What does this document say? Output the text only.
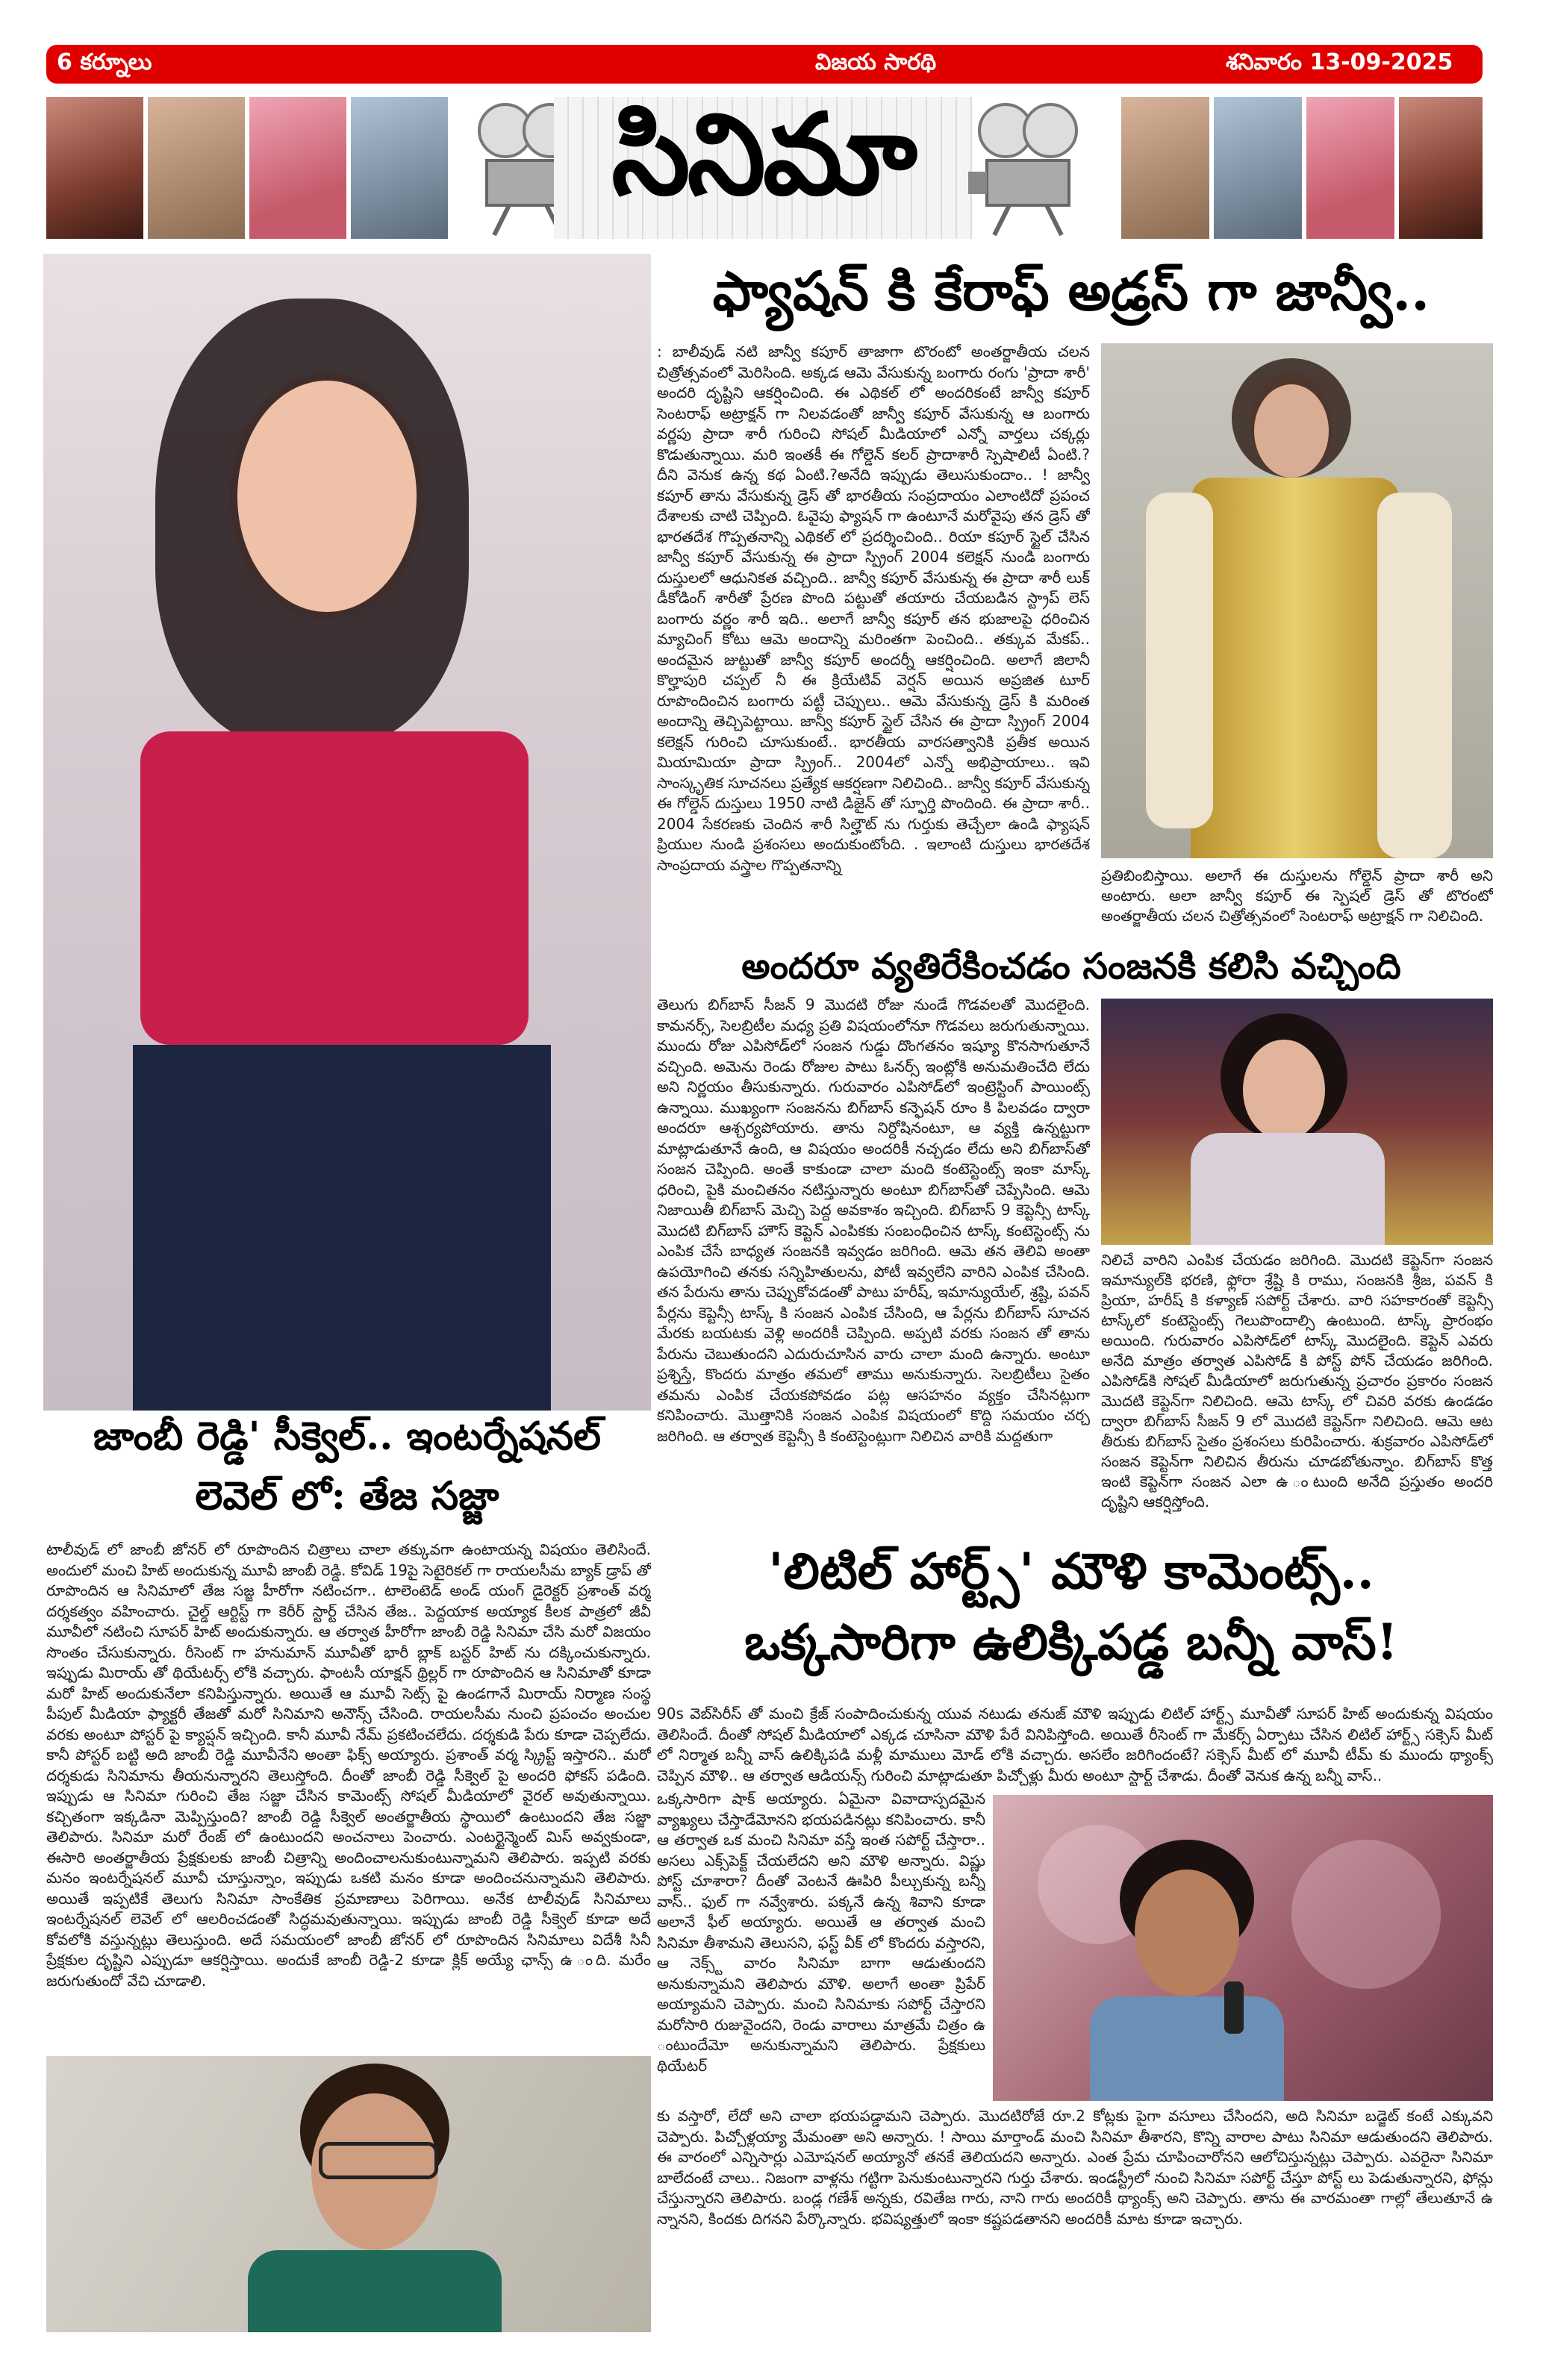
6 కర్నూలు	విజయ సారథి	శనివారం 13-09-2025
సినిమా
ఫ్యాషన్ కి కేరాఫ్ అడ్రస్ గా జాన్వీ..
: బాలీవుడ్ నటి జాన్వీ కపూర్ తాజాగా టొరంటో అంతర్జాతీయ చలన చిత్రోత్సవంలో మెరిసింది. అక్కడ ఆమె వేసుకున్న బంగారు రంగు 'ప్రాదా శారీ' అందరి దృష్టిని ఆకర్షించింది. ఈ ఎథికల్ లో అందరికంటే జాన్వీ కపూర్ సెంటరాఫ్ అట్రాక్షన్ గా నిలవడంతో జాన్వీ కపూర్ వేసుకున్న ఆ బంగారు వర్ణపు ప్రాదా శారీ గురించి సోషల్ మీడియాలో ఎన్నో వార్తలు చక్కర్లు కొడుతున్నాయి. మరి ఇంతకీ ఈ గోల్డెన్ కలర్ ప్రాదాశారీ స్పెషాలిటీ ఏంటి.? దీని వెనుక ఉన్న కథ ఏంటి.?అనేది ఇప్పుడు తెలుసుకుందాం.. ! జాన్వీ కపూర్ తాను వేసుకున్న డ్రెస్ తో భారతీయ సంప్రదాయం ఎలాంటిదో ప్రపంచ దేశాలకు చాటి చెప్పింది. ఓవైపు ఫ్యాషన్ గా ఉంటూనే మరోవైపు తన డ్రెస్ తో భారతదేశ గొప్పతనాన్ని ఎథికల్ లో ప్రదర్శించింది.. రియా కపూర్ స్టైల్ చేసిన జాన్వీ కపూర్ వేసుకున్న ఈ ప్రాదా స్ప్రింగ్ 2004 కలెక్షన్ నుండి బంగారు దుస్తులలో ఆధునికత వచ్చింది.. జాన్వీ కపూర్ వేసుకున్న ఈ ప్రాదా శారీ లుక్ డీకోడింగ్ శారీతో ప్రేరణ పొంది పట్టుతో తయారు చేయబడిన స్ట్రాప్ లెస్ బంగారు వర్ణం శారీ ఇది.. అలాగే జాన్వీ కపూర్ తన భుజాలపై ధరించిన మ్యాచింగ్ కోటు ఆమె అందాన్ని మరింతగా పెంచింది.. తక్కువ మేకప్.. అందమైన జుట్టుతో జాన్వీ కపూర్ అందర్నీ ఆకర్షించింది. అలాగే జిలానీ కొల్హాపురి చప్పల్ నీ ఈ క్రియేటివ్ వెర్షన్ అయిన అప్రజిత టూర్ రూపొందించిన బంగారు పట్టీ చెప్పులు.. ఆమె వేసుకున్న డ్రెస్ కి మరింత అందాన్ని తెచ్చిపెట్టాయి. జాన్వీ కపూర్ స్టైల్ చేసిన ఈ ప్రాదా స్ప్రింగ్ 2004 కలెక్షన్ గురించి చూసుకుంటే.. భారతీయ వారసత్వానికి ప్రతీక అయిన మియామియా ప్రాదా స్ప్రింగ్.. 2004లో ఎన్నో అభిప్రాయాలు.. ఇవి సాంస్కృతిక సూచనలు ప్రత్యేక ఆకర్షణగా నిలిచింది.. జాన్వీ కపూర్ వేసుకున్న ఈ గోల్డెన్ దుస్తులు 1950 నాటి డిజైన్ తో స్ఫూర్తి పొందింది. ఈ ప్రాదా శారీ.. 2004 సేకరణకు చెందిన శారీ సిల్హౌట్ ను గుర్తుకు తెచ్చేలా ఉండి ఫ్యాషన్ ప్రియుల నుండి ప్రశంసలు అందుకుంటోంది. . ఇలాంటి దుస్తులు భారతదేశ సాంప్రదాయ వస్త్రాల గొప్పతనాన్ని
ప్రతిబింబిస్తాయి. అలాగే ఈ దుస్తులను గోల్డెన్ ప్రాదా శారీ అని అంటారు. అలా జాన్వీ కపూర్ ఈ స్పెషల్ డ్రెస్ తో టొరంటో అంతర్జాతీయ చలన చిత్రోత్సవంలో సెంటరాఫ్ అట్రాక్షన్ గా నిలిచింది.
అందరూ వ్యతిరేకించడం సంజనకి కలిసి వచ్చింది
తెలుగు బిగ్‌బాస్ సీజన్ 9 మొదటి రోజు నుండే గొడవలతో మొదలైంది. కామనర్స్, సెలబ్రిటీల మధ్య ప్రతి విషయంలోనూ గొడవలు జరుగుతున్నాయి. ముందు రోజు ఎపిసోడ్‌లో సంజన గుడ్డు దొంగతనం ఇష్యూ కొనసాగుతూనే వచ్చింది. అమెను రెండు రోజుల పాటు ఓనర్స్ ఇంట్లోకి అనుమతించేది లేదు అని నిర్ణయం తీసుకున్నారు. గురువారం ఎపిసోడ్‌లో ఇంట్రెస్టింగ్ పాయింట్స్ ఉన్నాయి. ముఖ్యంగా సంజనను బిగ్‌బాస్ కన్ఫెషన్ రూం కి పిలవడం ద్వారా అందరూ ఆశ్చర్యపోయారు. తాను నిర్దోషినంటూ, ఆ వ్యక్తి ఉన్నట్టుగా మాట్లాడుతూనే ఉంది, ఆ విషయం అందరికీ నచ్చడం లేదు అని బిగ్‌బాస్‌తో సంజన చెప్పింది. అంతే కాకుండా చాలా మంది కంటెస్టెంట్స్ ఇంకా మాస్క్ ధరించి, పైకి మంచితనం నటిస్తున్నారు అంటూ బిగ్‌బాస్‌తో చెప్పేసింది. ఆమె నిజాయితీ బిగ్‌బాస్ మెచ్చి పెద్ద అవకాశం ఇచ్చింది. బిగ్‌బాస్ 9 కెప్టెన్సీ టాస్క్ మొదటి బిగ్‌బాస్ హౌస్ కెప్టెన్ ఎంపికకు సంబంధించిన టాస్క్ కంటెస్టెంట్స్ ను ఎంపిక చేసే బాధ్యత సంజనకి ఇవ్వడం జరిగింది. ఆమె తన తెలివి అంతా ఉపయోగించి తనకు సన్నిహితులను, పోటీ ఇవ్వలేని వారిని ఎంపిక చేసింది. తన పేరును తాను చెప్పుకోవడంతో పాటు హరీష్, ఇమాన్యుయేల్, శ్రష్టి, పవన్ పేర్లను కెప్టెన్సీ టాస్క్ కి సంజన ఎంపిక చేసింది, ఆ పేర్లను బిగ్‌బాస్ సూచన మేరకు బయటకు వెళ్లి అందరికీ చెప్పింది. అప్పటి వరకు సంజన తో తాను పేరును చెబుతుందని ఎదురుచూసిన వారు చాలా మంది ఉన్నారు. అంటూ ప్రశ్నిస్తే, కొందరు మాత్రం తమలో తాము అనుకున్నారు. సెలబ్రిటీలు సైతం తమను ఎంపిక చేయకపోవడం పట్ల ఆసహనం వ్యక్తం చేసినట్లుగా కనిపించారు. మొత్తానికి సంజన ఎంపిక విషయంలో కొద్ది సమయం చర్చ జరిగింది. ఆ తర్వాత కెప్టెన్సీ కి కంటెస్టెంట్లుగా నిలిచిన వారికి మద్దతుగా
నిలిచే వారిని ఎంపిక చేయడం జరిగింది. మొదటి కెప్టెన్‌గా సంజన ఇమాన్యుల్‌కి భరణి, ఫ్లోరా శ్రేష్టి కి రాము, సంజనకి శ్రీజ, పవన్ కి ప్రియా, హరీష్ కి కళ్యాణ్ సపోర్ట్ చేశారు. వారి సహకారంతో కెప్టెన్సీ టాస్క్‌లో కంటెస్టెంట్స్ గెలుపొందాల్సి ఉంటుంది. టాస్క్ ప్రారంభం అయింది. గురువారం ఎపిసోడ్‌లో టాస్క్ మొదలైంది. కెప్టెన్ ఎవరు అనేది మాత్రం తర్వాత ఎపిసోడ్ కి పోస్ట్ పోన్ చేయడం జరిగింది. ఎపిసోడ్‌కి సోషల్ మీడియాలో జరుగుతున్న ప్రచారం ప్రకారం సంజన మొదటి కెప్టెన్‌గా నిలిచింది. ఆమె టాస్క్ లో చివరి వరకు ఉండడం ద్వారా బిగ్‌బాస్ సీజన్ 9 లో మొదటి కెప్టెన్‌గా నిలిచింది. ఆమె ఆట తీరుకు బిగ్‌బాస్ సైతం ప్రశంసలు కురిపించారు. శుక్రవారం ఎపిసోడ్‌లో సంజన కెప్టెన్‌గా నిలిచిన తీరును చూడబోతున్నాం. బిగ్‌బాస్ కొత్త ఇంటి కెప్టెన్‌గా సంజన ఎలా ఉ ంటుంది అనేది ప్రస్తుతం అందరి దృష్టిని ఆకర్షిస్తోంది.
జాంబీ రెడ్డి' సీక్వెల్.. ఇంటర్నేషనల్
లెవెల్ లో: తేజ సజ్జా
టాలీవుడ్ లో జాంబీ జోనర్ లో రూపొందిన చిత్రాలు చాలా తక్కువగా ఉంటాయన్న విషయం తెలిసిందే. అందులో మంచి హిట్ అందుకున్న మూవీ జాంబీ రెడ్డి. కోవిడ్ 19పై సెటైరికల్ గా రాయలసీమ బ్యాక్ డ్రాప్ తో రూపొందిన ఆ సినిమాలో తేజ సజ్జ హీరోగా నటించగా.. టాలెంటెడ్ అండ్ యంగ్ డైరెక్టర్ ప్రశాంత్ వర్మ దర్శకత్వం వహించారు. చైల్డ్ ఆర్టిస్ట్ గా కెరీర్ స్టార్ట్ చేసిన తేజ.. పెద్దయాక అయ్యాక కీలక పాత్రలో జీవీ మూవీలో నటించి సూపర్ హిట్ అందుకున్నారు. ఆ తర్వాత హీరోగా జాంబీ రెడ్డి సినిమా చేసి మరో విజయం సొంతం చేసుకున్నారు. రీసెంట్ గా హనుమాన్ మూవీతో భారీ బ్లాక్ బస్టర్ హిట్ ను దక్కించుకున్నారు. ఇప్పుడు మిరాయ్ తో థియేటర్స్ లోకి వచ్చారు. ఫాంటసీ యాక్షన్ థ్రిల్లర్ గా రూపొందిన ఆ సినిమాతో కూడా మరో హిట్ అందుకునేలా కనిపిస్తున్నారు. అయితే ఆ మూవీ సెట్స్ పై ఉండగానే మిరాయ్ నిర్మాణ సంస్థ పీపుల్ మీడియా ఫ్యాక్టరీ తేజతో మరో సినిమాని అనౌన్స్ చేసింది. రాయలసీమ నుంచి ప్రపంచం అంచుల వరకు అంటూ పోస్టర్ పై క్యాప్షన్ ఇచ్చింది. కానీ మూవీ నేమ్ ప్రకటించలేదు. దర్శకుడి పేరు కూడా చెప్పలేదు. కానీ పోస్టర్ బట్టి అది జాంబీ రెడ్డి మూవీనేని అంతా ఫిక్స్ అయ్యారు. ప్రశాంత్ వర్మ స్క్రిప్ట్ ఇస్తారని.. మరో దర్శకుడు సినిమాను తీయనున్నారని తెలుస్తోంది. దీంతో జాంబీ రెడ్డి సీక్వెల్ పై అందరి ఫోకస్ పడింది. ఇప్పుడు ఆ సినిమా గురించి తేజ సజ్జా చేసిన కామెంట్స్ సోషల్ మీడియాలో వైరల్ అవుతున్నాయి. కచ్చితంగా ఇక్కడినా మెప్పిస్తుంది? జాంబీ రెడ్డి సీక్వెల్ అంతర్జాతీయ స్థాయిలో ఉంటుందని తేజ సజ్జా తెలిపారు. సినిమా మరో రేంజ్ లో ఉంటుందని అంచనాలు పెంచారు. ఎంటర్టైన్మెంట్ మిస్ అవ్వకుండా, ఈసారి అంతర్జాతీయ ప్రేక్షకులకు జాంబీ చిత్రాన్ని అందించాలనుకుంటున్నామని తెలిపారు. ఇప్పటి వరకు మనం ఇంటర్నేషనల్ మూవీ చూస్తున్నాం, ఇప్పుడు ఒకటి మనం కూడా అందించనున్నామని తెలిపారు. అయితే ఇప్పటికే తెలుగు సినిమా సాంకేతిక ప్రమాణాలు పెరిగాయి. అనేక టాలీవుడ్ సినిమాలు ఇంటర్నేషనల్ లెవెల్ లో ఆలరించడంతో సిద్ధమవుతున్నాయి. ఇప్పుడు జాంబీ రెడ్డి సీక్వెల్ కూడా అదే కోవలోకి వస్తున్నట్లు తెలుస్తుంది. అదే సమయంలో జాంబీ జోనర్ లో రూపొందిన సినిమాలు విదేశీ సినీ ప్రేక్షకుల దృష్టిని ఎప్పుడూ ఆకర్షిస్తాయి. అందుకే జాంబీ రెడ్డి-2 కూడా క్లిక్ అయ్యే ఛాన్స్ ఉ ంది. మరేం జరుగుతుందో వేచి చూడాలి.
'లిటిల్ హార్ట్స్' మౌళి కామెంట్స్..
ఒక్కసారిగా ఉలిక్కిపడ్డ బన్నీ వాస్!
90s వెబ్‌సిరీస్ తో మంచి క్రేజ్ సంపాదించుకున్న యువ నటుడు తనుజ్ మౌళి ఇప్పుడు లిటిల్ హార్ట్స్ మూవీతో సూపర్ హిట్ అందుకున్న విషయం తెలిసిందే. దీంతో సోషల్ మీడియాలో ఎక్కడ చూసినా మౌళి పేరే వినిపిస్తోంది. అయితే రీసెంట్ గా మేకర్స్ ఏర్పాటు చేసిన లిటిల్ హార్ట్స్ సక్సెస్ మీట్ లో నిర్మాత బన్నీ వాస్ ఉలిక్కిపడి మళ్లీ మాములు మోడ్ లోకి వచ్చారు. అసలేం జరిగిందంటే? సక్సెస్ మీట్ లో మూవీ టీమ్ కు ముందు థ్యాంక్స్ చెప్పిన మౌళి.. ఆ తర్వాత ఆడియన్స్ గురించి మాట్లాడుతూ పిచ్చోళ్లు మీరు అంటూ స్టార్ట్ చేశాడు. దీంతో వెనుక ఉన్న బన్నీ వాస్..
ఒక్కసారిగా షాక్ అయ్యారు. ఏమైనా వివాదాస్పదమైన వ్యాఖ్యలు చేస్తాడేమోనని భయపడినట్లు కనిపించారు. కానీ ఆ తర్వాత ఒక మంచి సినిమా వస్తే ఇంత సపోర్ట్ చేస్తారా.. అసలు ఎక్స్‌పెక్ట్ చేయలేదని అని మౌళి అన్నారు. విష్ణు పోస్ట్ చూశారా? దీంతో వెంటనే ఊపిరి పీల్చుకున్న బన్నీ వాస్.. ఫుల్ గా నవ్వేశారు. పక్కనే ఉన్న శివాని కూడా అలానే ఫీల్ అయ్యారు. అయితే ఆ తర్వాత మంచి సినిమా తీశామని తెలుసని, ఫస్ట్ వీక్ లో కొందరు వస్తారని, ఆ నెక్స్ట్ వారం సినిమా బాగా ఆడుతుందని అనుకున్నామని తెలిపారు మౌళి. అలాగే అంతా ప్రిపేర్ అయ్యామని చెప్పారు. మంచి సినిమాకు సపోర్ట్ చేస్తారని మరోసారి రుజువైందని, రెండు వారాలు మాత్రమే చిత్రం ఉ ంటుందేమో అనుకున్నామని తెలిపారు. ప్రేక్షకులు థియేటర్
కు వస్తారో, లేదో అని చాలా భయపడ్డామని చెప్పారు. మొదటిరోజే రూ.2 కోట్లకు పైగా వసూలు చేసిందని, అది సినిమా బడ్జెట్ కంటే ఎక్కువని చెప్పారు. పిచ్చోళ్లయ్యా మేమంతా అని అన్నారు. ! సాయి మార్తాండ్ మంచి సినిమా తీశారని, కొన్ని వారాల పాటు సినిమా ఆడుతుందని తెలిపారు. ఈ వారంలో ఎన్నిసార్లు ఎమోషనల్ అయ్యానో తనకే తెలియదని అన్నారు. ఎంత ప్రేమ చూపించారోనని ఆలోచిస్తున్నట్లు చెప్పారు. ఎవరైనా సినిమా బాలేదంటే చాలు.. నిజంగా వాళ్లను గట్టిగా పెనుకుంటున్నారని గుర్తు చేశారు. ఇండస్ట్రీలో నుంచి సినిమా సపోర్ట్ చేస్తూ పోస్ట్ లు పెడుతున్నారని, ఫోన్లు చేస్తున్నారని తెలిపారు. బండ్ల గణేశ్ అన్నకు, రవితేజ గారు, నాని గారు అందరికీ థ్యాంక్స్ అని చెప్పారు. తాను ఈ వారమంతా గాల్లో తేలుతూనే ఉ న్నానని, కిందకు దిగనని పేర్కొన్నారు. భవిష్యత్తులో ఇంకా కష్టపడతానని అందరికీ మాట కూడా ఇచ్చారు.
